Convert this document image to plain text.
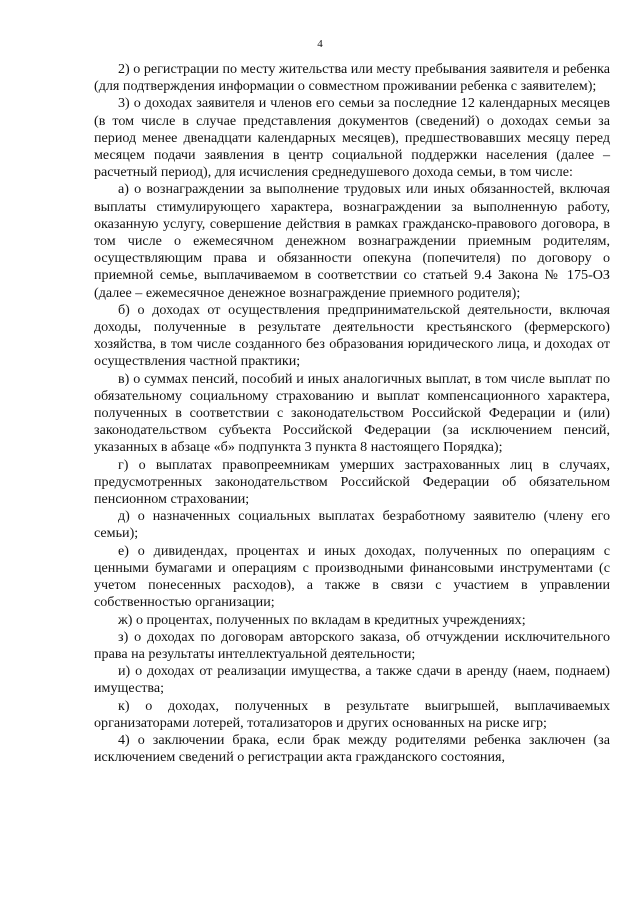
4

2) о регистрации по месту жительства или месту пребывания заявителя и ребенка (для подтверждения информации о совместном проживании ребенка с заявителем);

3) о доходах заявителя и членов его семьи за последние 12 календарных месяцев (в том числе в случае представления документов (сведений) о доходах семьи за период менее двенадцати календарных месяцев), предшествовавших месяцу перед месяцем подачи заявления в центр социальной поддержки населения (далее – расчетный период), для исчисления среднедушевого дохода семьи, в том числе:

а) о вознаграждении за выполнение трудовых или иных обязанностей, включая выплаты стимулирующего характера, вознаграждении за выполненную работу, оказанную услугу, совершение действия в рамках гражданско-правового договора, в том числе о ежемесячном денежном вознаграждении приемным родителям, осуществляющим права и обязанности опекуна (попечителя) по договору о приемной семье, выплачиваемом в соответствии со статьей 9.4 Закона № 175-ОЗ (далее – ежемесячное денежное вознаграждение приемного родителя);

б) о доходах от осуществления предпринимательской деятельности, включая доходы, полученные в результате деятельности крестьянского (фермерского) хозяйства, в том числе созданного без образования юридического лица, и доходах от осуществления частной практики;

в) о суммах пенсий, пособий и иных аналогичных выплат, в том числе выплат по обязательному социальному страхованию и выплат компенсационного характера, полученных в соответствии с законодательством Российской Федерации и (или) законодательством субъекта Российской Федерации (за исключением пенсий, указанных в абзаце «б» подпункта 3 пункта 8 настоящего Порядка);

г) о выплатах правопреемникам умерших застрахованных лиц в случаях, предусмотренных законодательством Российской Федерации об обязательном пенсионном страховании;

д) о назначенных социальных выплатах безработному заявителю (члену его семьи);

е) о дивидендах, процентах и иных доходах, полученных по операциям с ценными бумагами и операциям с производными финансовыми инструментами (с учетом понесенных расходов), а также в связи с участием в управлении собственностью организации;

ж) о процентах, полученных по вкладам в кредитных учреждениях;

з) о доходах по договорам авторского заказа, об отчуждении исключительного права на результаты интеллектуальной деятельности;

и) о доходах от реализации имущества, а также сдачи в аренду (наем, поднаем) имущества;

к) о доходах, полученных в результате выигрышей, выплачиваемых организаторами лотерей, тотализаторов и других основанных на риске игр;

4) о заключении брака, если брак между родителями ребенка заключен (за исключением сведений о регистрации акта гражданского состояния,
